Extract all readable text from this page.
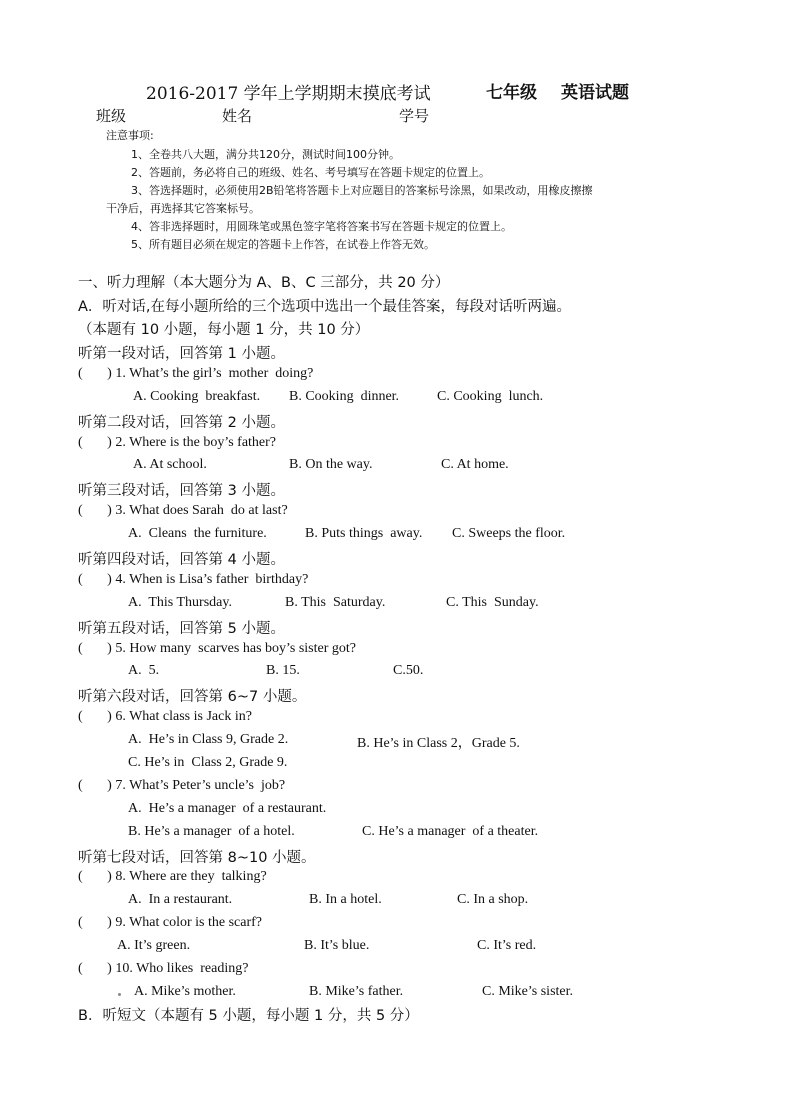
2016-2017 学年上学期期末摸底考试	七年级 英语试题
班级	姓名	学号
注意事项:
1、全卷共八大题，满分共120分，测试时间100分钟。
2、答题前，务必将自己的班级、姓名、考号填写在答题卡规定的位置上。
3、答选择题时，必须使用2B铅笔将答题卡上对应题目的答案标号涂黑，如果改动，用橡皮擦擦
干净后，再选择其它答案标号。
4、答非选择题时，用圆珠笔或黑色签字笔将答案书写在答题卡规定的位置上。
5、所有题目必须在规定的答题卡上作答，在试卷上作答无效。
一、听力理解（本大题分为 A、B、C 三部分，共 20 分）
A．听对话,在每小题所给的三个选项中选出一个最佳答案，每段对话听两遍。
（本题有 10 小题，每小题 1 分，共 10 分）
听第一段对话，回答第 1 小题。
(       ) 1. What’s the girl’s  mother  doing?
A. Cooking  breakfast. B. Cooking  dinner.	C. Cooking  lunch.
听第二段对话，回答第 2 小题。
(       ) 2. Where is the boy’s father?
A. At school.	B. On the way.	C. At home.
听第三段对话，回答第 3 小题。
(       ) 3. What does Sarah  do at last?
A.  Cleans  the furniture.	B. Puts things  away. C. Sweeps the floor.
听第四段对话，回答第 4 小题。
(       ) 4. When is Lisa’s father  birthday?
A.  This Thursday.	B. This  Saturday.	C. This  Sunday.
听第五段对话，回答第 5 小题。
(       ) 5. How many  scarves has boy’s sister got?
A.  5.	B. 15.	C.50.
听第六段对话，回答第 6~7 小题。
(       ) 6. What class is Jack in?
A.  He’s in Class 9, Grade 2.	B. He’s in Class 2，Grade 5.
C. He’s in  Class 2, Grade 9.
(       ) 7. What’s Peter’s uncle’s  job?
A.  He’s a manager  of a restaurant.
B. He’s a manager  of a hotel.	C. He’s a manager  of a theater.
听第七段对话，回答第 8~10 小题。
(       ) 8. Where are they  talking?
A.  In a restaurant.	B. In a hotel.	C. In a shop.
(       ) 9. What color is the scarf?
A. It’s green.	B. It’s blue.	C. It’s red.
(       ) 10. Who likes  reading?
A. Mike’s mother.	B. Mike’s father.	C. Mike’s sister.
B．听短文（本题有 5 小题，每小题 1 分，共 5 分）
